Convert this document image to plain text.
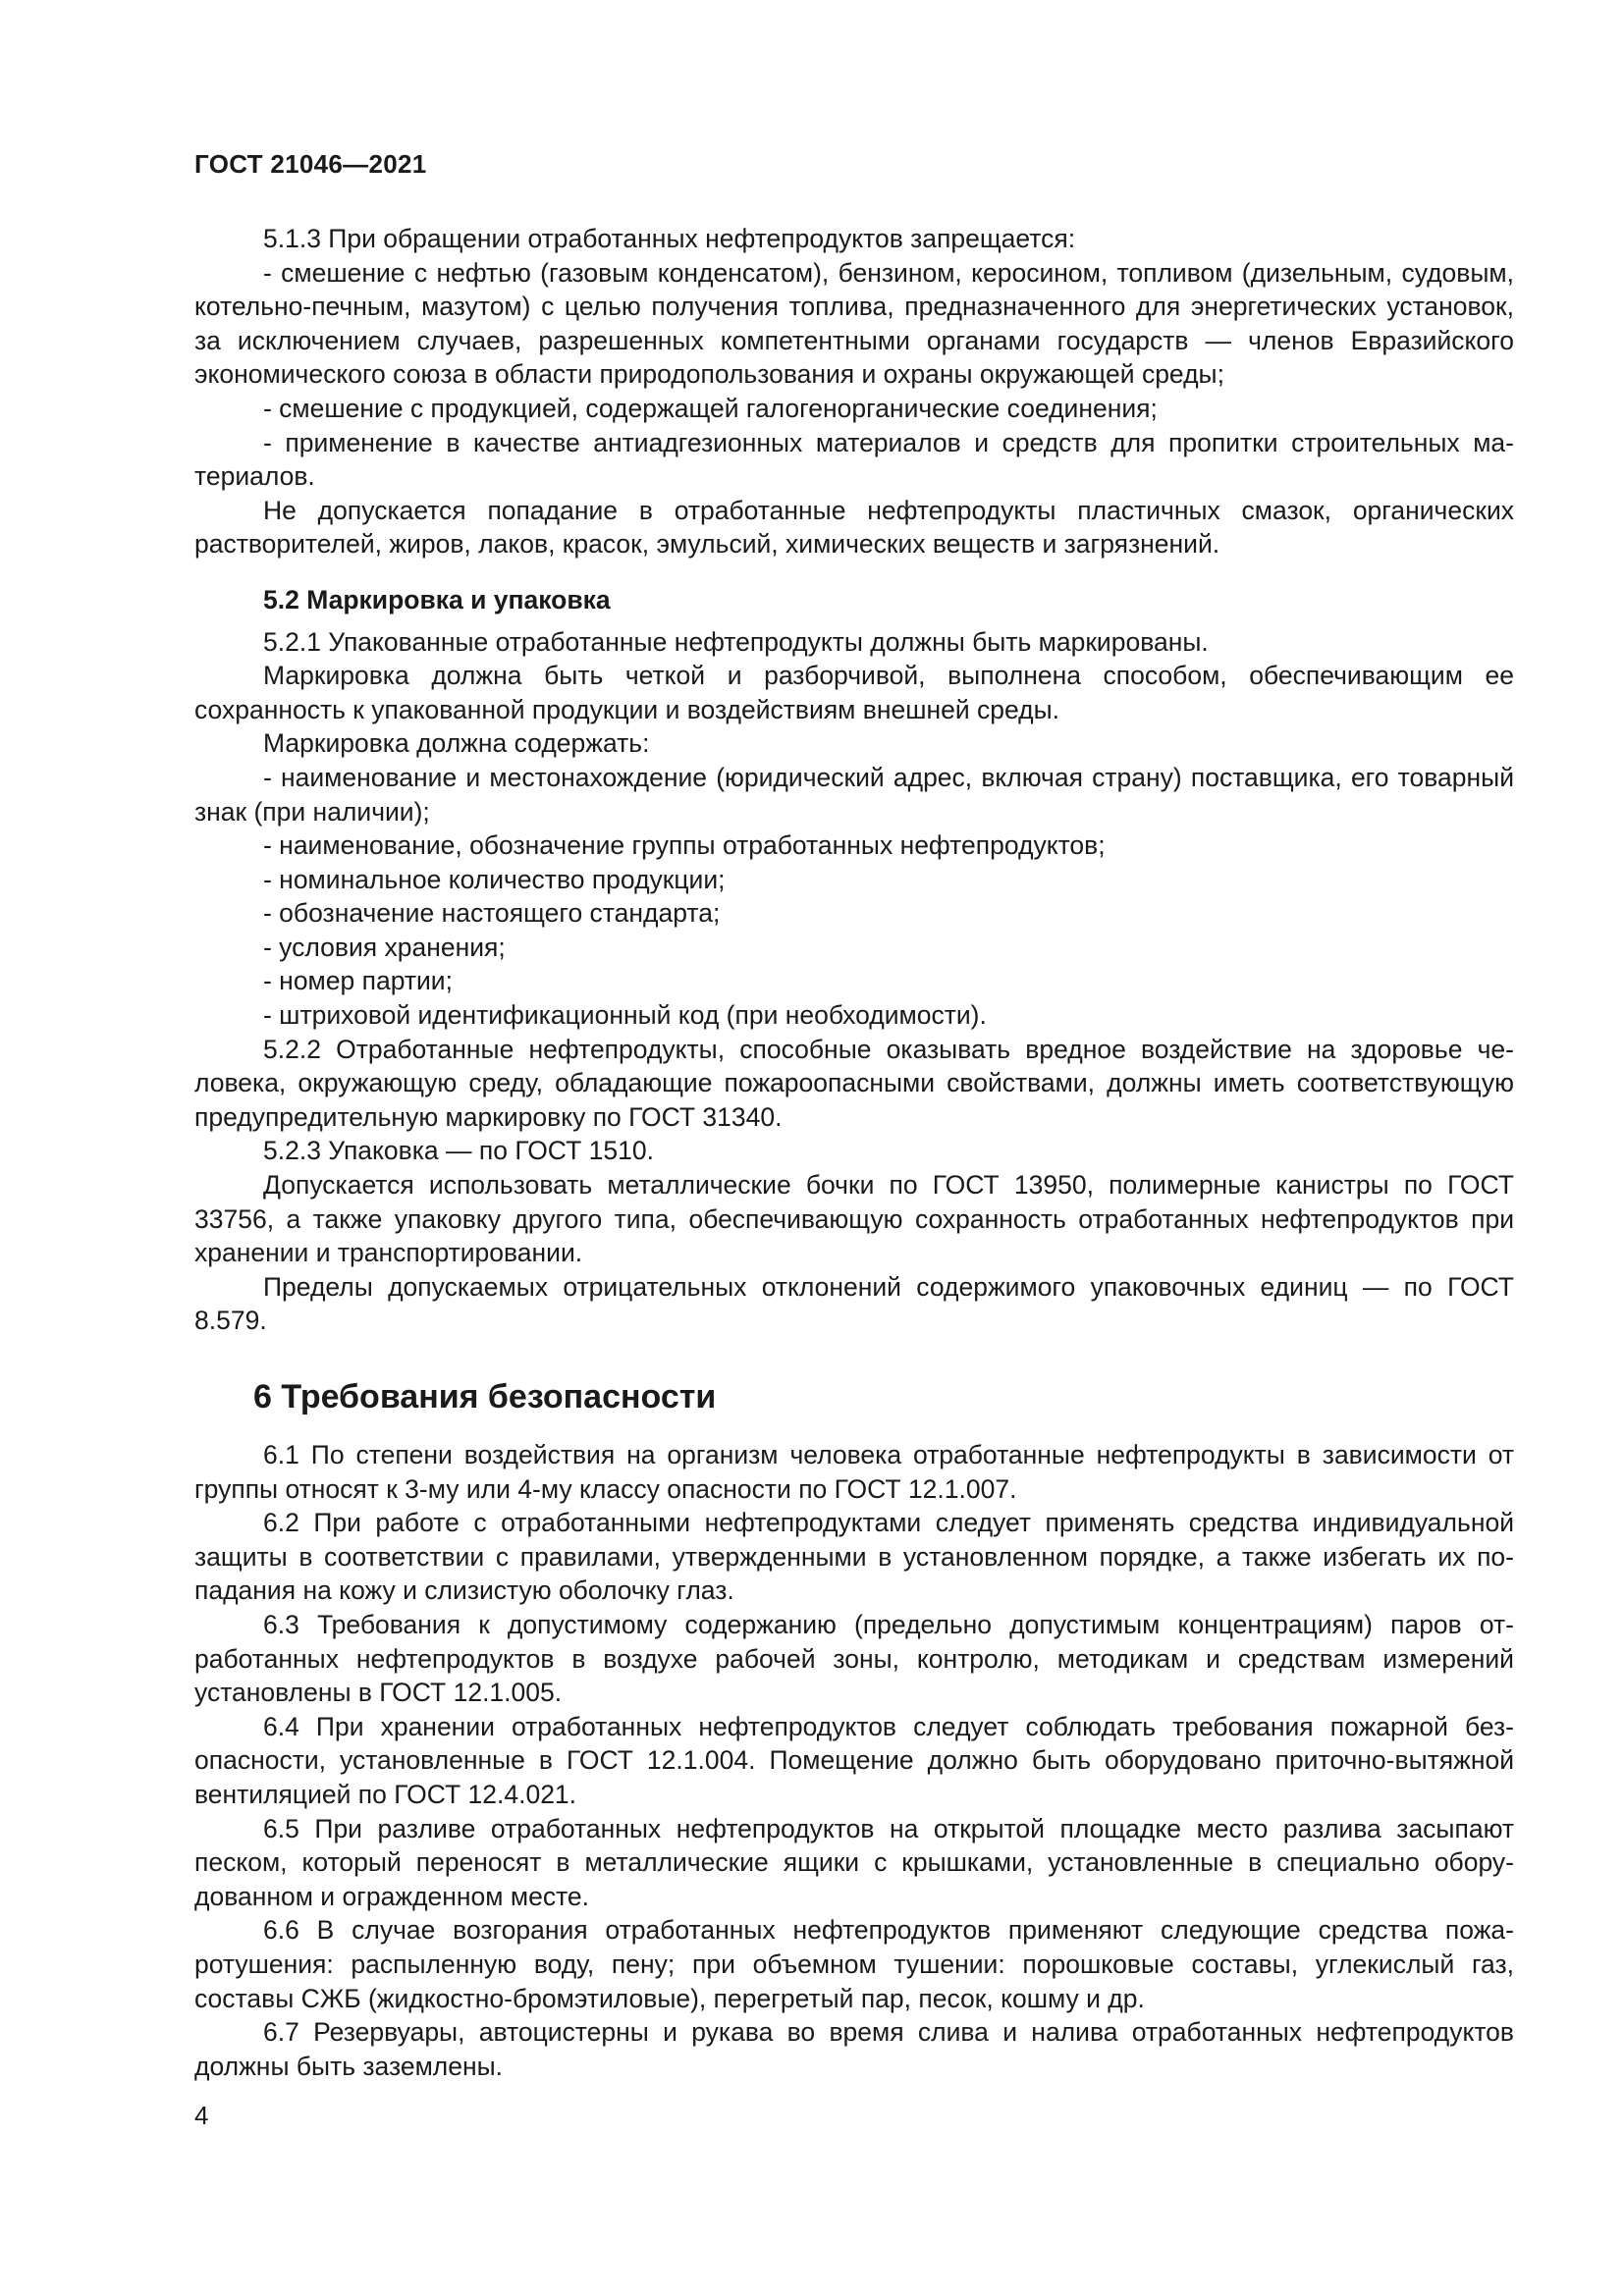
ГОСТ 21046—2021

5.1.3 При обращении отработанных нефтепродуктов запрещается:

- смешение с нефтью (газовым конденсатом), бензином, керосином, топливом (дизельным, судовым, котельно-печным, мазутом) с целью получения топлива, предназначенного для энергетических установок, за исключением случаев, разрешенных компетентными органами государств — членов Евразийского экономического союза в области природопользования и охраны окружающей среды;

- смешение с продукцией, содержащей галогенорганические соединения;

- применение в качестве антиадгезионных материалов и средств для пропитки строительных материалов.

Не допускается попадание в отработанные нефтепродукты пластичных смазок, органических растворителей, жиров, лаков, красок, эмульсий, химических веществ и загрязнений.

5.2 Маркировка и упаковка

5.2.1 Упакованные отработанные нефтепродукты должны быть маркированы.

Маркировка должна быть четкой и разборчивой, выполнена способом, обеспечивающим ее сохранность к упакованной продукции и воздействиям внешней среды.

Маркировка должна содержать:

- наименование и местонахождение (юридический адрес, включая страну) поставщика, его товарный знак (при наличии);

- наименование, обозначение группы отработанных нефтепродуктов;

- номинальное количество продукции;

- обозначение настоящего стандарта;

- условия хранения;

- номер партии;

- штриховой идентификационный код (при необходимости).

5.2.2 Отработанные нефтепродукты, способные оказывать вредное воздействие на здоровье человека, окружающую среду, обладающие пожароопасными свойствами, должны иметь соответствующую предупредительную маркировку по ГОСТ 31340.

5.2.3 Упаковка — по ГОСТ 1510.

Допускается использовать металлические бочки по ГОСТ 13950, полимерные канистры по ГОСТ 33756, а также упаковку другого типа, обеспечивающую сохранность отработанных нефтепродуктов при хранении и транспортировании.

Пределы допускаемых отрицательных отклонений содержимого упаковочных единиц — по ГОСТ 8.579.

6 Требования безопасности

6.1 По степени воздействия на организм человека отработанные нефтепродукты в зависимости от группы относят к 3-му или 4-му классу опасности по ГОСТ 12.1.007.

6.2 При работе с отработанными нефтепродуктами следует применять средства индивидуальной защиты в соответствии с правилами, утвержденными в установленном порядке, а также избегать их попадания на кожу и слизистую оболочку глаз.

6.3 Требования к допустимому содержанию (предельно допустимым концентрациям) паров отработанных нефтепродуктов в воздухе рабочей зоны, контролю, методикам и средствам измерений установлены в ГОСТ 12.1.005.

6.4 При хранении отработанных нефтепродуктов следует соблюдать требования пожарной безопасности, установленные в ГОСТ 12.1.004. Помещение должно быть оборудовано приточно-вытяжной вентиляцией по ГОСТ 12.4.021.

6.5 При разливе отработанных нефтепродуктов на открытой площадке место разлива засыпают песком, который переносят в металлические ящики с крышками, установленные в специально оборудованном и огражденном месте.

6.6 В случае возгорания отработанных нефтепродуктов применяют следующие средства пожаротушения: распыленную воду, пену; при объемном тушении: порошковые составы, углекислый газ, составы СЖБ (жидкостно-бромэтиловые), перегретый пар, песок, кошму и др.

6.7 Резервуары, автоцистерны и рукава во время слива и налива отработанных нефтепродуктов должны быть заземлены.

4
